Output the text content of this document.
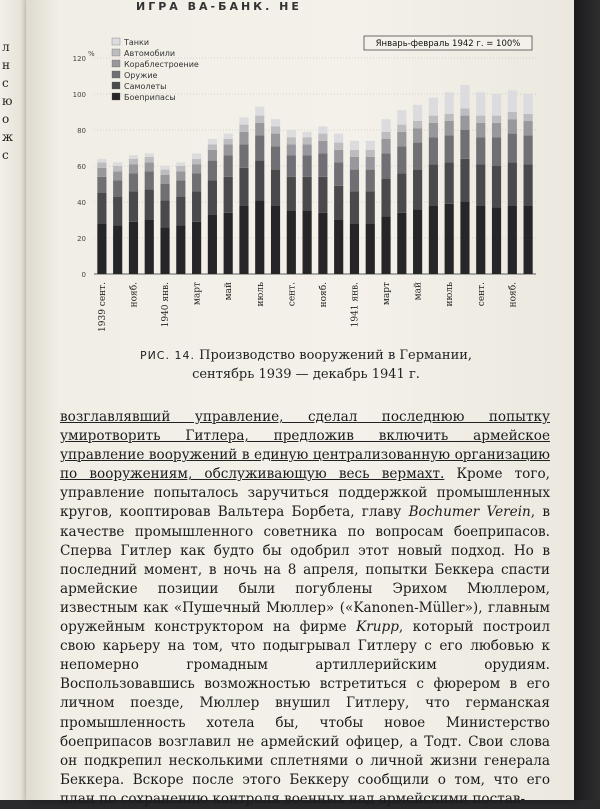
л
н
с
ю
о
ж
с
ИГРА ВА-БАНК. НЕ
0
20
40
60
80
100
120
%
1939 сент. нояб. 1940 янв. март май июль сент. нояб. 1941 янв. март май июль сент. нояб.
Танки
Автомобили
Кораблестроение
Оружие
Самолеты
Боеприпасы
Январь-февраль 1942 г. = 100%
РИС. 14. Производство вооружений в Германии,
сентябрь 1939 — декабрь 1941 г.

возглавлявший управление, сделал последнюю попытку умиротворить Гитлера, предложив включить армейское управление вооружений в единую централизованную организацию по вооружениям, обслуживающую весь вермахт. Кроме того, управление попыталось заручиться поддержкой промышленных кругов, кооптировав Вальтера Борбета, главу Bochumer Verein, в качестве промышленного советника по вопросам боеприпасов. Сперва Гитлер как будто бы одобрил этот новый подход. Но в последний момент, в ночь на 8 апреля, попытки Беккера спасти армейские позиции были погублены Эрихом Мюллером, известным как «Пушечный Мюллер» («Kanonen-Müller»), главным оружейным конструктором на фирме Krupp, который построил свою карьеру на том, что подыгрывал Гитлеру с его любовью к непомерно громадным артиллерийским орудиям. Воспользовавшись возможностью встретиться с фюрером в его личном поезде, Мюллер внушил Гитлеру, что германская промышленность хотела бы, чтобы новое Министерство боеприпасов возглавил не армейский офицер, а Тодт. Свои слова он подкрепил несколькими сплетнями о личной жизни генерала Беккера. Вскоре после этого Беккеру сообщили о том, что его план по сохранению контроля военных над армейскими постав-
